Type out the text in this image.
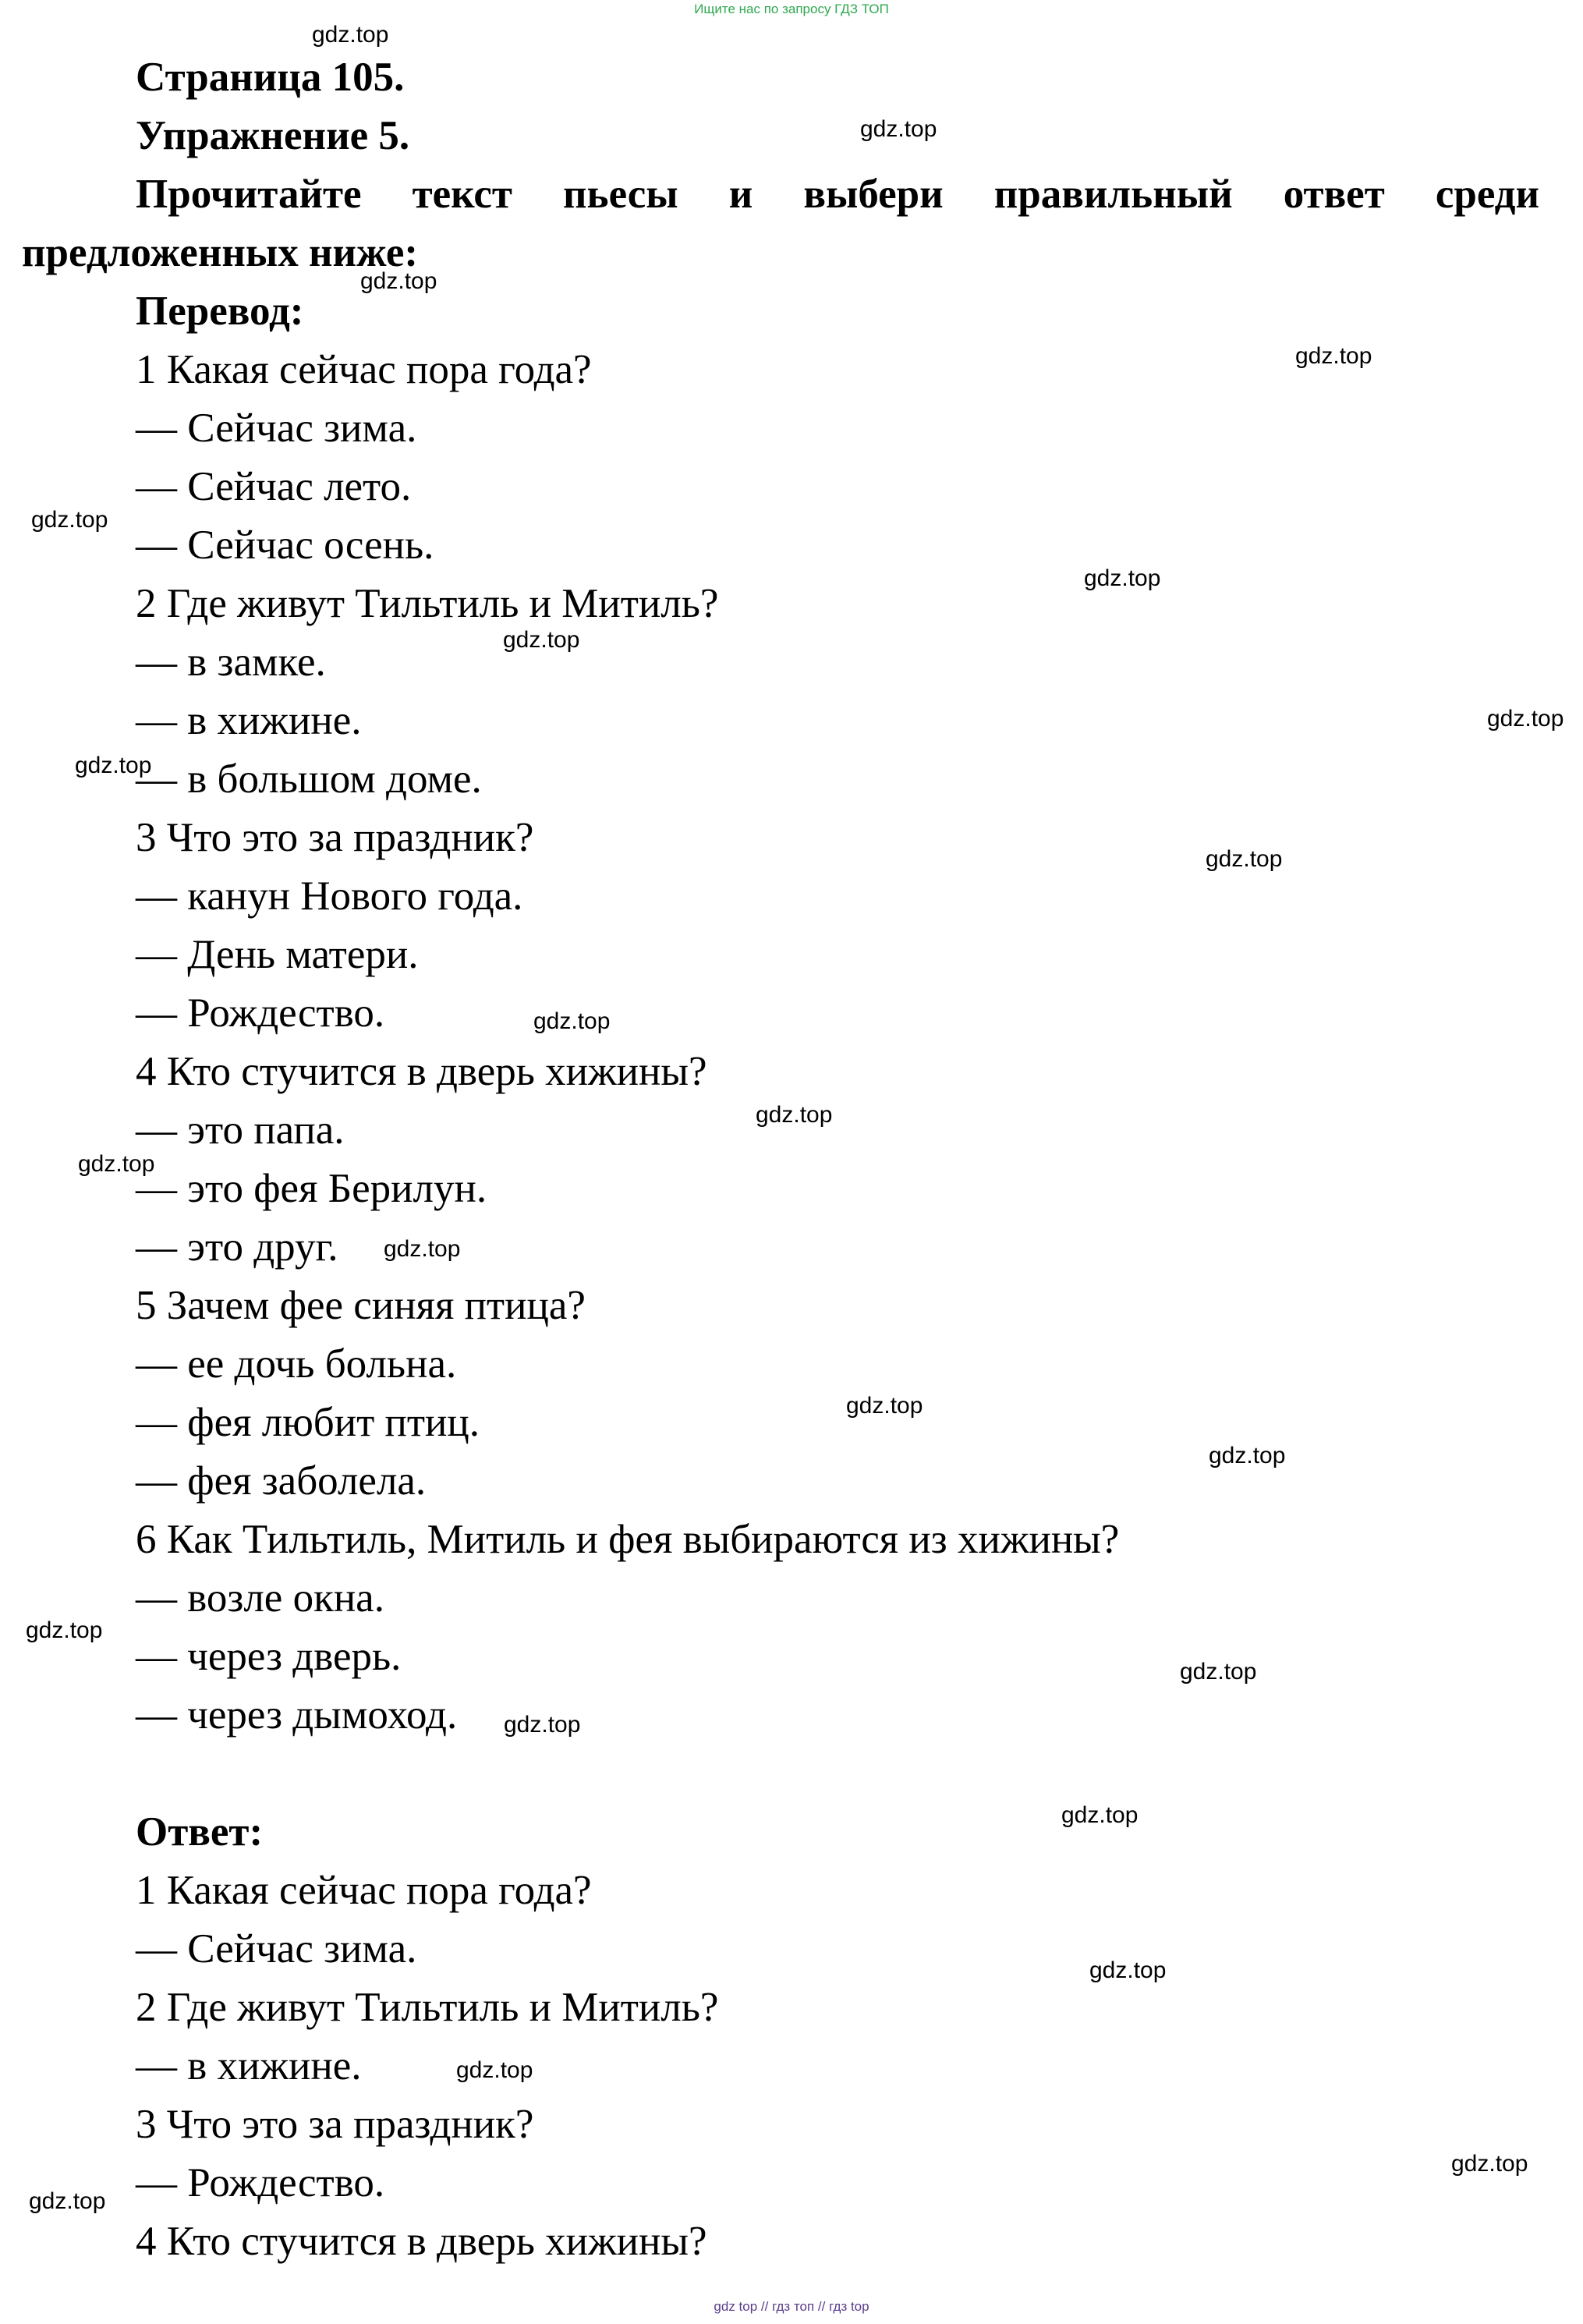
Ищите нас по запросу ГДЗ ТОП
Страница 105.
Упражнение 5.
Прочитайте текст пьесы и выбери правильный ответ среди
предложенных ниже:
Перевод:
1 Какая сейчас пора года?
— Сейчас зима.
— Сейчас лето.
— Сейчас осень.
2 Где живут Тильтиль и Митиль?
— в замке.
— в хижине.
— в большом доме.
3 Что это за праздник?
— канун Нового года.
— День матери.
— Рождество.
4 Кто стучится в дверь хижины?
— это папа.
— это фея Берилун.
— это друг.
5 Зачем фее синяя птица?
— ее дочь больна.
— фея любит птиц.
— фея заболела.
6 Как Тильтиль, Митиль и фея выбираются из хижины?
— возле окна.
— через дверь.
— через дымоход.
Ответ:
1 Какая сейчас пора года?
— Сейчас зима.
2 Где живут Тильтиль и Митиль?
— в хижине.
3 Что это за праздник?
— Рождество.
4 Кто стучится в дверь хижины?
gdz.top
gdz.top
gdz.top
gdz.top
gdz.top
gdz.top
gdz.top
gdz.top
gdz.top
gdz.top
gdz.top
gdz.top
gdz.top
gdz.top
gdz.top
gdz.top
gdz.top
gdz.top
gdz.top
gdz.top
gdz.top
gdz.top
gdz.top
gdz.top
gdz top // гдз топ // гдз top
